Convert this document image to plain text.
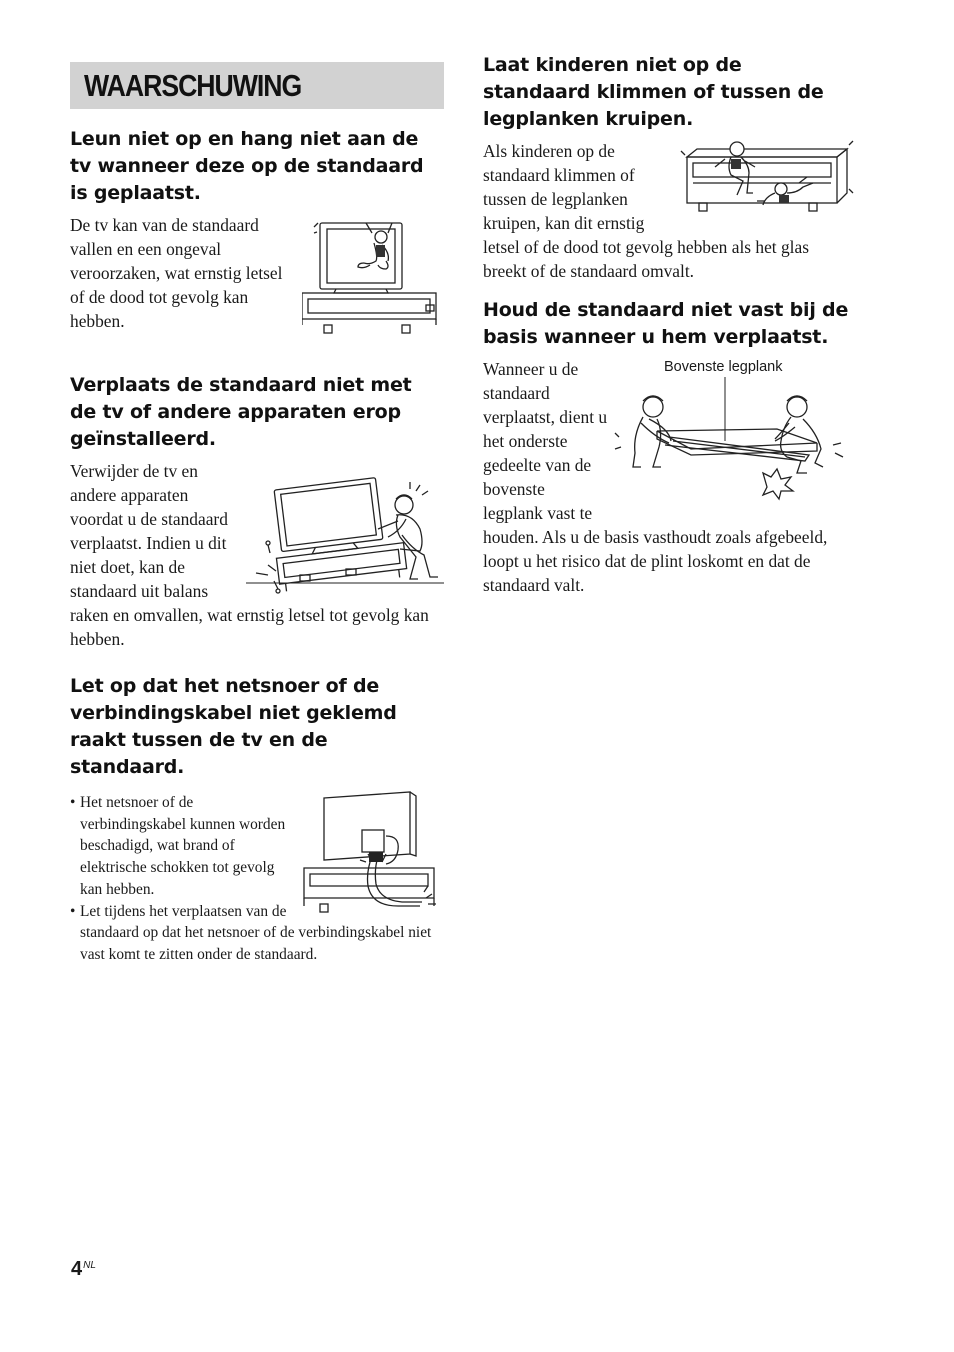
WAARSCHUWING
Leun niet op en hang niet aan de tv wanneer deze op de standaard is geplaatst.

De tv kan van de standaard vallen en een ongeval veroorzaken, wat ernstig letsel of de dood tot gevolg kan hebben.

Verplaats de standaard niet met de tv of andere apparaten erop geïnstalleerd.

Verwijder de tv en andere apparaten voordat u de standaard verplaatst. Indien u dit niet doet, kan de standaard uit balans raken en omvallen, wat ernstig letsel tot gevolg kan hebben.

Let op dat het netsnoer of de verbindingskabel niet geklemd raakt tussen de tv en de standaard.
• Het netsnoer of de verbindingskabel kunnen worden beschadigd, wat brand of elektrische schokken tot gevolg kan hebben.
• Let tijdens het verplaatsen van de standaard op dat het netsnoer of de verbindingskabel niet vast komt te zitten onder de standaard.
Laat kinderen niet op de standaard klimmen of tussen de legplanken kruipen.

Als kinderen op de standaard klimmen of tussen de legplanken kruipen, kan dit ernstig letsel of de dood tot gevolg hebben als het glas breekt of de standaard omvalt.

Houd de standaard niet vast bij de basis wanneer u hem verplaatst.
Bovenste legplank

Wanneer u de standaard verplaatst, dient u het onderste gedeelte van de bovenste legplank vast te houden. Als u de basis vasthoudt zoals afgebeeld, loopt u het risico dat de plint loskomt en dat de standaard valt.

$4^{NL}$
